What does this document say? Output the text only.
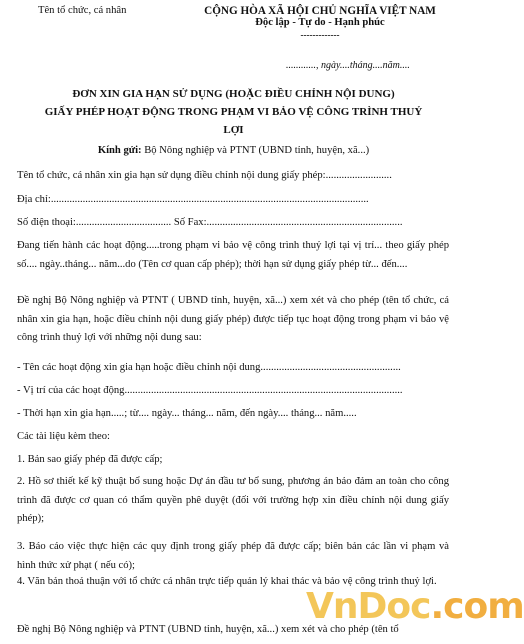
Tên tổ chức, cá nhân	CỘNG HÒA XÃ HỘI CHỦ NGHĨA VIỆT NAM
Độc lập - Tự do - Hạnh phúc
-------------
............, ngày....tháng....năm....
ĐƠN XIN GIA HẠN SỬ DỤNG (HOẶC ĐIỀU CHỈNH NỘI DUNG)
GIẤY PHÉP HOẠT ĐỘNG TRONG PHẠM VI BẢO VỆ CÔNG TRÌNH THUỶ LỢI
Kính gửi: Bộ Nông nghiệp và PTNT (UBND tỉnh, huyện, xã...)
Tên tổ chức, cá nhân xin gia hạn sử dụng điều chỉnh nội dung giấy phép:.........................
Địa chỉ:........................................................................................................................
Số điện thoại:.................................... Số Fax:..........................................................................
Đang tiến hành các hoạt động.....trong phạm vi bảo vệ công trình thuỷ lợi tại vị trí... theo giấy phép số.... ngày..tháng... năm...do (Tên cơ quan cấp phép); thời hạn sử dụng giấy phép từ... đến....
Đề nghị Bộ Nông nghiệp và PTNT ( UBND tỉnh, huyện, xã...) xem xét và cho phép (tên tổ chức, cá nhân xin gia hạn, hoặc điều chỉnh nội dung giấy phép) được tiếp tục hoạt động trong phạm vi bảo vệ công trình thuỷ lợi với những nội dung sau:
- Tên các hoạt động xin gia hạn hoặc điều chỉnh nội dung.....................................................
- Vị trí của các hoạt động.........................................................................................................
- Thời hạn xin gia hạn.....; từ.... ngày... tháng... năm, đến ngày.... tháng... năm.....
Các tài liệu kèm theo:
1. Bản sao giấy phép đã được cấp;
2. Hồ sơ thiết kế kỹ thuật bổ sung hoặc Dự án đầu tư bổ sung, phương án bảo đảm an toàn cho công trình đã được cơ quan có thẩm quyền phê duyệt (đối với trường hợp xin điều chỉnh nội dung giấy phép);
3. Báo cáo việc thực hiện các quy định trong giấy phép đã được cấp; biên bản các lần vi phạm và hình thức xử phạt ( nếu có);
4. Văn bản thoả thuận với tổ chức cá nhân trực tiếp quản lý khai thác và bảo vệ công trình thuỷ lợi.
Đề nghị Bộ Nông nghiệp và PTNT (UBND tỉnh, huyện, xã...) xem xét và cho phép (tên tổ
VnDoc.com
